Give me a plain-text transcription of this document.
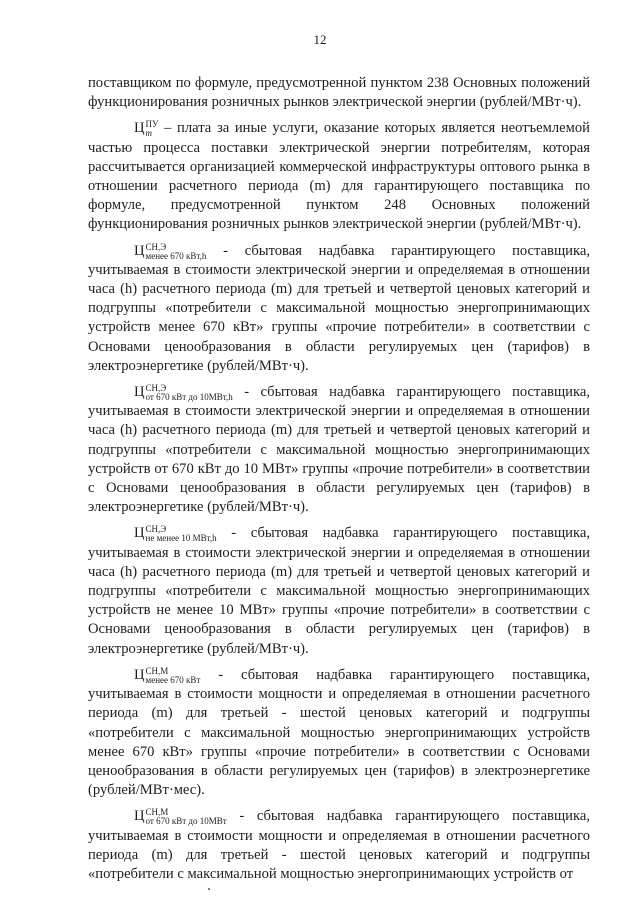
12

поставщиком по формуле, предусмотренной пунктом 238 Основных положений функционирования розничных рынков электрической энергии (рублей/МВт·ч).

Ц ПУ
m – плата за иные услуги, оказание которых является неотъемлемой частью процесса поставки электрической энергии потребителям, которая рассчитывается организацией коммерческой инфраструктуры оптового рынка в отношении расчетного периода (m) для гарантирующего поставщика по формуле, предусмотренной пунктом 248 Основных положений функционирования розничных рынков электрической энергии (рублей/МВт·ч).

Ц СН,Э
менее 670 кВт,h - сбытовая надбавка гарантирующего поставщика, учитываемая в стоимости электрической энергии и определяемая в отношении часа (h) расчетного периода (m) для третьей и четвертой ценовых категорий и подгруппы «потребители с максимальной мощностью энергопринимающих устройств менее 670 кВт» группы «прочие потребители» в соответствии с Основами ценообразования в области регулируемых цен (тарифов) в электроэнергетике (рублей/МВт·ч).

Ц СН,Э
от 670 кВт до 10МВт,h - сбытовая надбавка гарантирующего поставщика, учитываемая в стоимости электрической энергии и определяемая в отношении часа (h) расчетного периода (m) для третьей и четвертой ценовых категорий и подгруппы «потребители с максимальной мощностью энергопринимающих устройств от 670 кВт до 10 МВт» группы «прочие потребители» в соответствии с Основами ценообразования в области регулируемых цен (тарифов) в электроэнергетике (рублей/МВт·ч).

Ц СН,Э
не менее 10 МВт,h - сбытовая надбавка гарантирующего поставщика, учитываемая в стоимости электрической энергии и определяемая в отношении часа (h) расчетного периода (m) для третьей и четвертой ценовых категорий и подгруппы «потребители с максимальной мощностью энергопринимающих устройств не менее 10 МВт» группы «прочие потребители» в соответствии с Основами ценообразования в области регулируемых цен (тарифов) в электроэнергетике (рублей/МВт·ч).

Ц СН,М
менее 670 кВт - сбытовая надбавка гарантирующего поставщика, учитываемая в стоимости мощности и определяемая в отношении расчетного периода (m) для третьей - шестой ценовых категорий и подгруппы «потребители с максимальной мощностью энергопринимающих устройств менее 670 кВт» группы «прочие потребители» в соответствии с Основами ценообразования в области регулируемых цен (тарифов) в электроэнергетике (рублей/МВт·мес).

Ц СН,М
от 670 кВт до 10МВт - сбытовая надбавка гарантирующего поставщика, учитываемая в стоимости мощности и определяемая в отношении расчетного периода (m) для третьей - шестой ценовых категорий и подгруппы «потребители с максимальной мощностью энергопринимающих устройств от
